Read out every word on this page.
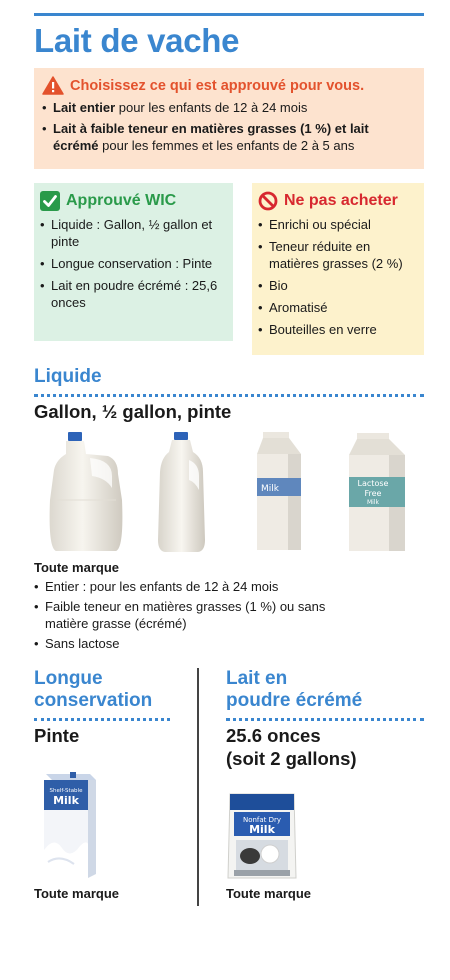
Lait de vache
Choisissez ce qui est approuvé pour vous.
• Lait entier pour les enfants de 12 à 24 mois
• Lait à faible teneur en matières grasses (1 %) et lait écrémé pour les femmes et les enfants de 2 à 5 ans
Approuvé WIC
• Liquide : Gallon, ½ gallon et pinte
• Longue conservation : Pinte
• Lait en poudre écrémé : 25,6 onces
Ne pas acheter
• Enrichi ou spécial
• Teneur réduite en matières grasses (2 %)
• Bio
• Aromatisé
• Bouteilles en verre
Liquide
Gallon, ½ gallon, pinte
Milk
Lactose
Free
Milk
Toute marque
• Entier : pour les enfants de 12 à 24 mois
• Faible teneur en matières grasses (1 %) ou sans matière grasse (écrémé)
• Sans lactose
Longue
conservation
Pinte
Shelf-Stable
Milk
Toute marque
Lait en
poudre écrémé
25.6 onces
(soit 2 gallons)
Nonfat Dry
Milk
Toute marque
